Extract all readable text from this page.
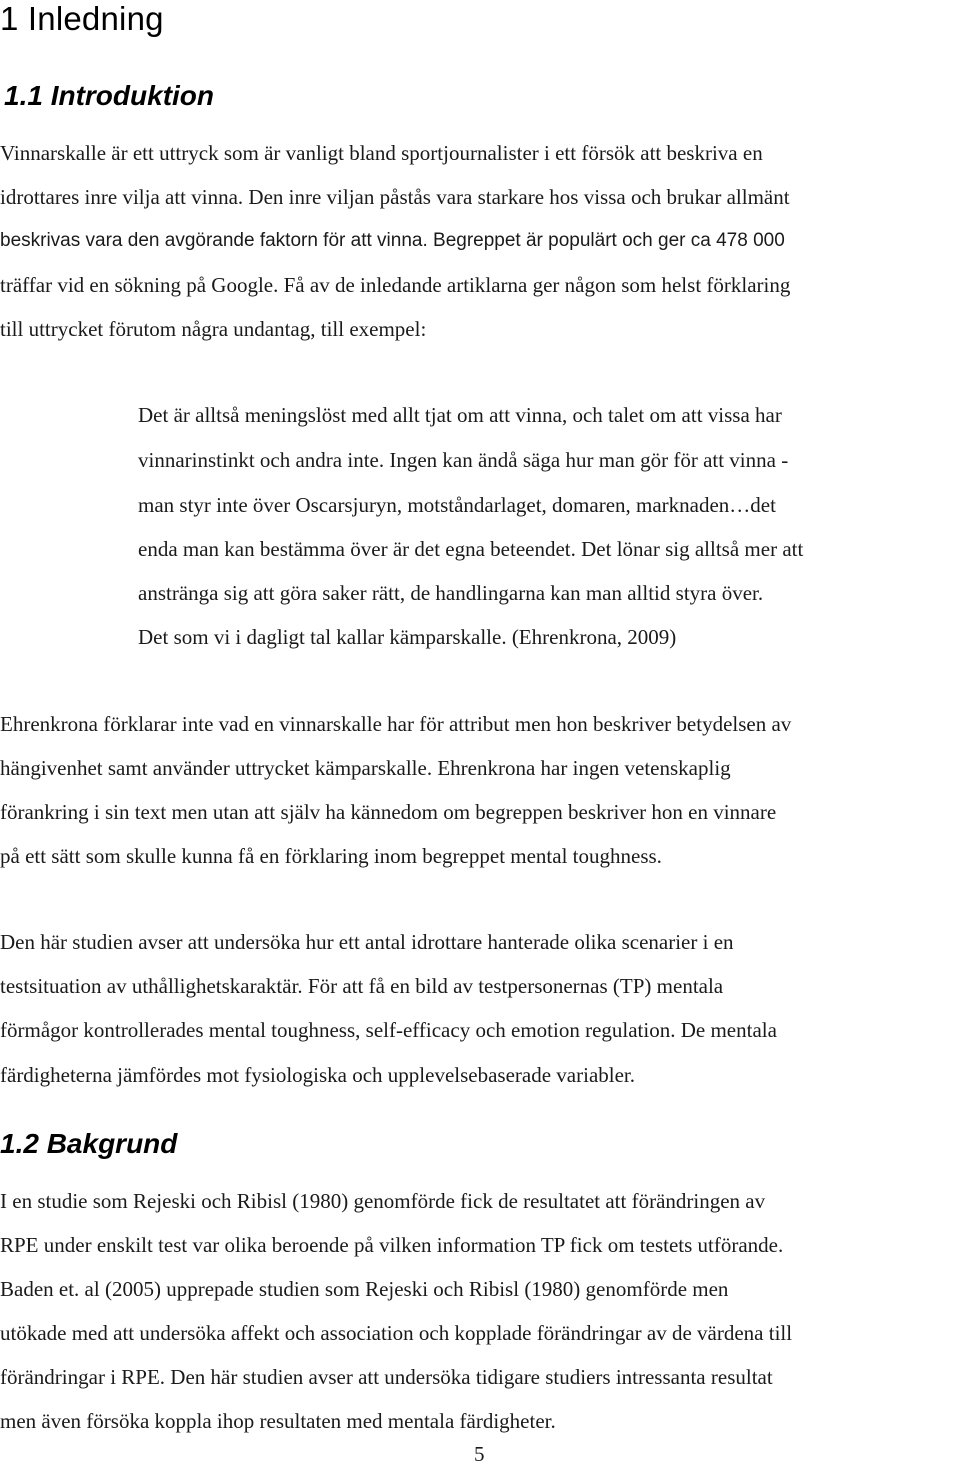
1 Inledning
1.1 Introduktion
Vinnarskalle är ett uttryck som är vanligt bland sportjournalister i ett försök att beskriva en
idrottares inre vilja att vinna. Den inre viljan påstås vara starkare hos vissa och brukar allmänt
beskrivas vara den avgörande faktorn för att vinna. Begreppet är populärt och ger ca 478 000
träffar vid en sökning på Google. Få av de inledande artiklarna ger någon som helst förklaring
till uttrycket förutom några undantag, till exempel:
Det är alltså meningslöst med allt tjat om att vinna, och talet om att vissa har
vinnarinstinkt och andra inte. Ingen kan ändå säga hur man gör för att vinna -
man styr inte över Oscarsjuryn, motståndarlaget, domaren, marknaden…det
enda man kan bestämma över är det egna beteendet. Det lönar sig alltså mer att
anstränga sig att göra saker rätt, de handlingarna kan man alltid styra över.
Det som vi i dagligt tal kallar kämparskalle. (Ehrenkrona, 2009)
Ehrenkrona förklarar inte vad en vinnarskalle har för attribut men hon beskriver betydelsen av
hängivenhet samt använder uttrycket kämparskalle. Ehrenkrona har ingen vetenskaplig
förankring i sin text men utan att själv ha kännedom om begreppen beskriver hon en vinnare
på ett sätt som skulle kunna få en förklaring inom begreppet mental toughness.
Den här studien avser att undersöka hur ett antal idrottare hanterade olika scenarier i en
testsituation av uthållighetskaraktär. För att få en bild av testpersonernas (TP) mentala
förmågor kontrollerades mental toughness, self-efficacy och emotion regulation. De mentala
färdigheterna jämfördes mot fysiologiska och upplevelsebaserade variabler.
1.2 Bakgrund
I en studie som Rejeski och Ribisl (1980) genomförde fick de resultatet att förändringen av
RPE under enskilt test var olika beroende på vilken information TP fick om testets utförande.
Baden et. al (2005) upprepade studien som Rejeski och Ribisl (1980) genomförde men
utökade med att undersöka affekt och association och kopplade förändringar av de värdena till
förändringar i RPE. Den här studien avser att undersöka tidigare studiers intressanta resultat
men även försöka koppla ihop resultaten med mentala färdigheter.
5
